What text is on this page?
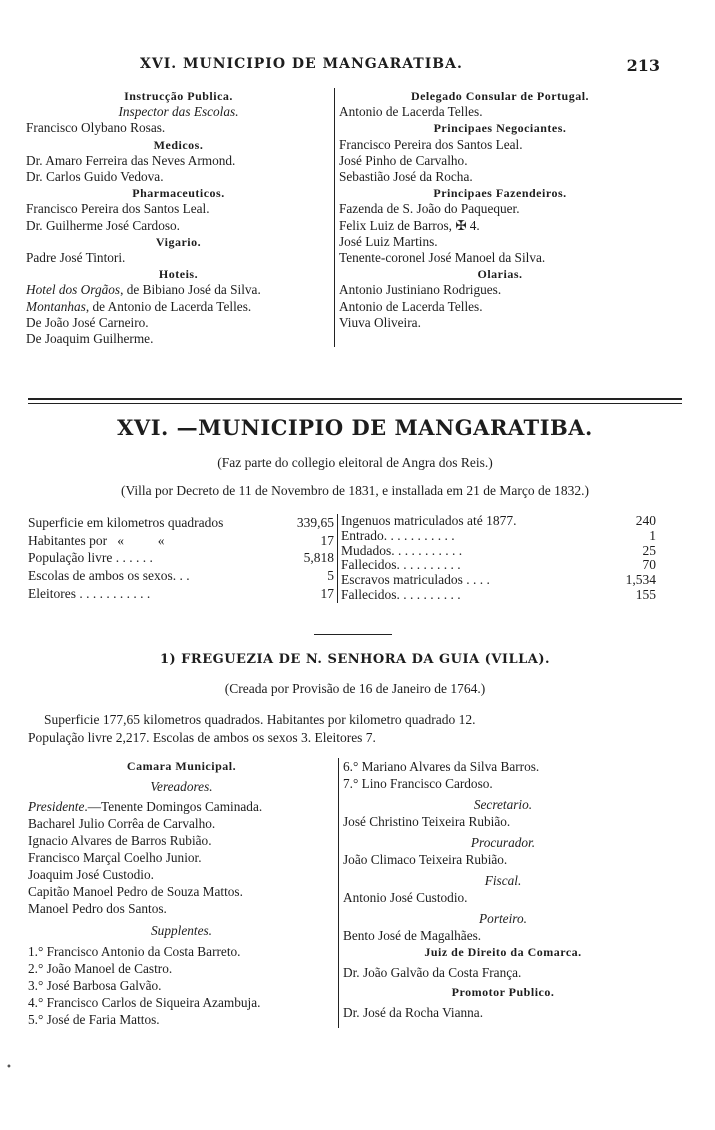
XVI. MUNICIPIO DE MANGARATIBA.	213
Instrucção Publica.
Inspector das Escolas.
Francisco Olybano Rosas.
Medicos.
Dr. Amaro Ferreira das Neves Armond.
Dr. Carlos Guido Vedova.
Pharmaceuticos.
Francisco Pereira dos Santos Leal.
Dr. Guilherme José Cardoso.
Vigario.
Padre José Tintori.
Hoteis.
Hotel dos Orgãos, de Bibiano José da Silva.
Montanhas, de Antonio de Lacerda Telles.
De João José Carneiro.
De Joaquim Guilherme.
Delegado Consular de Portugal.
Antonio de Lacerda Telles.
Principaes Negociantes.
Francisco Pereira dos Santos Leal.
José Pinho de Carvalho.
Sebastião José da Rocha.
Principaes Fazendeiros.
Fazenda de S. João do Paquequer.
Felix Luiz de Barros, ✠ 4.
José Luiz Martins.
Tenente-coronel José Manoel da Silva.
Olarias.
Antonio Justiniano Rodrigues.
Antonio de Lacerda Telles.
Viuva Oliveira.
XVI. —MUNICIPIO DE MANGARATIBA.
(Faz parte do collegio eleitoral de Angra dos Reis.)
(Villa por Decreto de 11 de Novembro de 1831, e installada em 21 de Março de 1832.)
Superficie em kilometros quadrados	339,65
Habitantes por   «          «	17
População livre . . . . . .	5,818
Escolas de ambos os sexos. . .	5
Eleitores . . . . . . . . . . .	17
Ingenuos matriculados até 1877.	240
Entrado. . . . . . . . . . .	1
Mudados. . . . . . . . . . .	25
Fallecidos. . . . . . . . . .	70
Escravos matriculados . . . .	1,534
Fallecidos. . . . . . . . . .	155
1) FREGUEZIA DE N. SENHORA DA GUIA (VILLA).
(Creada por Provisão de 16 de Janeiro de 1764.)
Superficie 177,65 kilometros quadrados. Habitantes por kilometro quadrado 12.
População livre 2,217. Escolas de ambos os sexos 3. Eleitores 7.
Camara Municipal.
Vereadores.
Presidente.—Tenente Domingos Caminada.
Bacharel Julio Corrêa de Carvalho.
Ignacio Alvares de Barros Rubião.
Francisco Marçal Coelho Junior.
Joaquim José Custodio.
Capitão Manoel Pedro de Souza Mattos.
Manoel Pedro dos Santos.
Supplentes.
1.° Francisco Antonio da Costa Barreto.
2.° João Manoel de Castro.
3.° José Barbosa Galvão.
4.° Francisco Carlos de Siqueira Azambuja.
5.° José de Faria Mattos.
6.° Mariano Alvares da Silva Barros.
7.° Lino Francisco Cardoso.
Secretario.
José Christino Teixeira Rubião.
Procurador.
João Climaco Teixeira Rubião.
Fiscal.
Antonio José Custodio.
Porteiro.
Bento José de Magalhães.
Juiz de Direito da Comarca.
Dr. João Galvão da Costa França.
Promotor Publico.
Dr. José da Rocha Vianna.
•
